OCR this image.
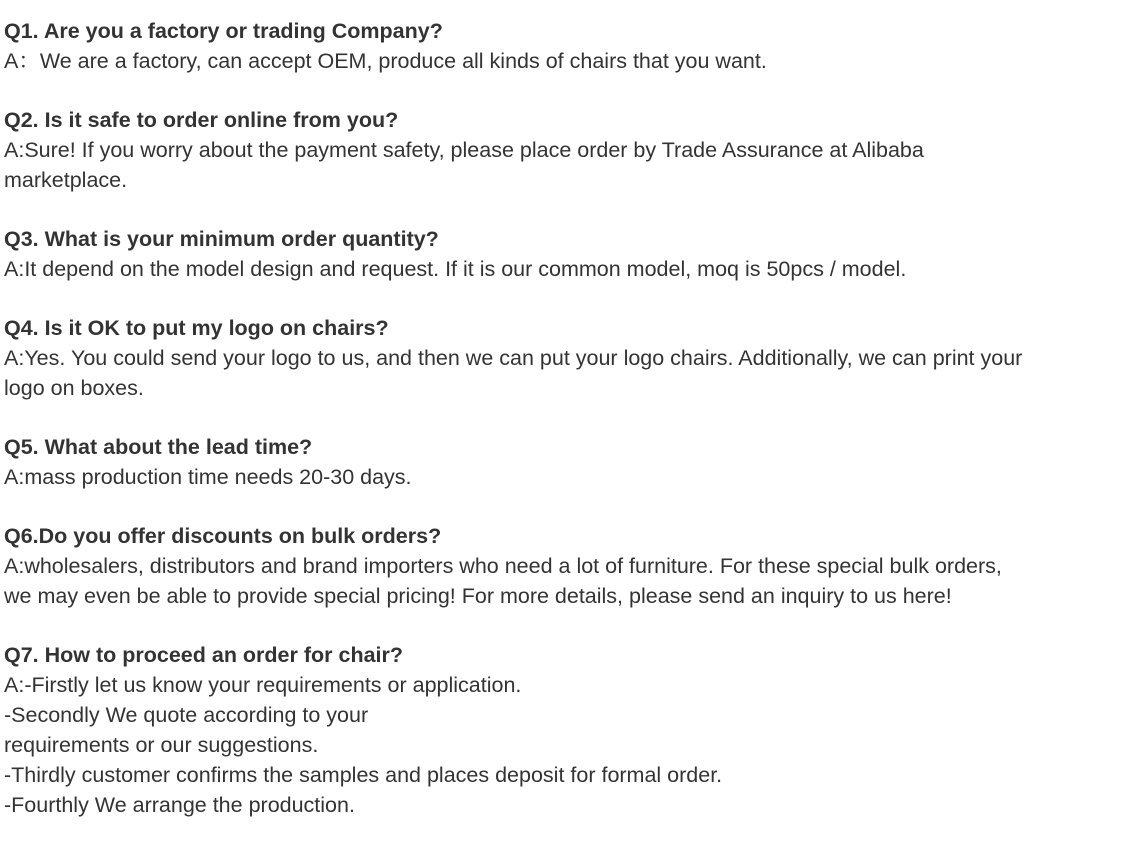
Q1. Are you a factory or trading Company?
A：We are a factory, can accept OEM, produce all kinds of chairs that you want.
Q2. Is it safe to order online from you?
A:Sure! If you worry about the payment safety, please place order by Trade Assurance at Alibaba
marketplace.
Q3. What is your minimum order quantity?
A:It depend on the model design and request. If it is our common model, moq is 50pcs / model.
Q4. Is it OK to put my logo on chairs?
A:Yes. You could send your logo to us, and then we can put your logo chairs. Additionally, we can print your
logo on boxes.
Q5. What about the lead time?
A:mass production time needs 20-30 days.
Q6.Do you offer discounts on bulk orders?
A:wholesalers, distributors and brand importers who need a lot of furniture. For these special bulk orders,
we may even be able to provide special pricing! For more details, please send an inquiry to us here!
Q7. How to proceed an order for chair?
A:-Firstly let us know your requirements or application.
-Secondly We quote according to your
requirements or our suggestions.
-Thirdly customer confirms the samples and places deposit for formal order.
-Fourthly We arrange the production.
